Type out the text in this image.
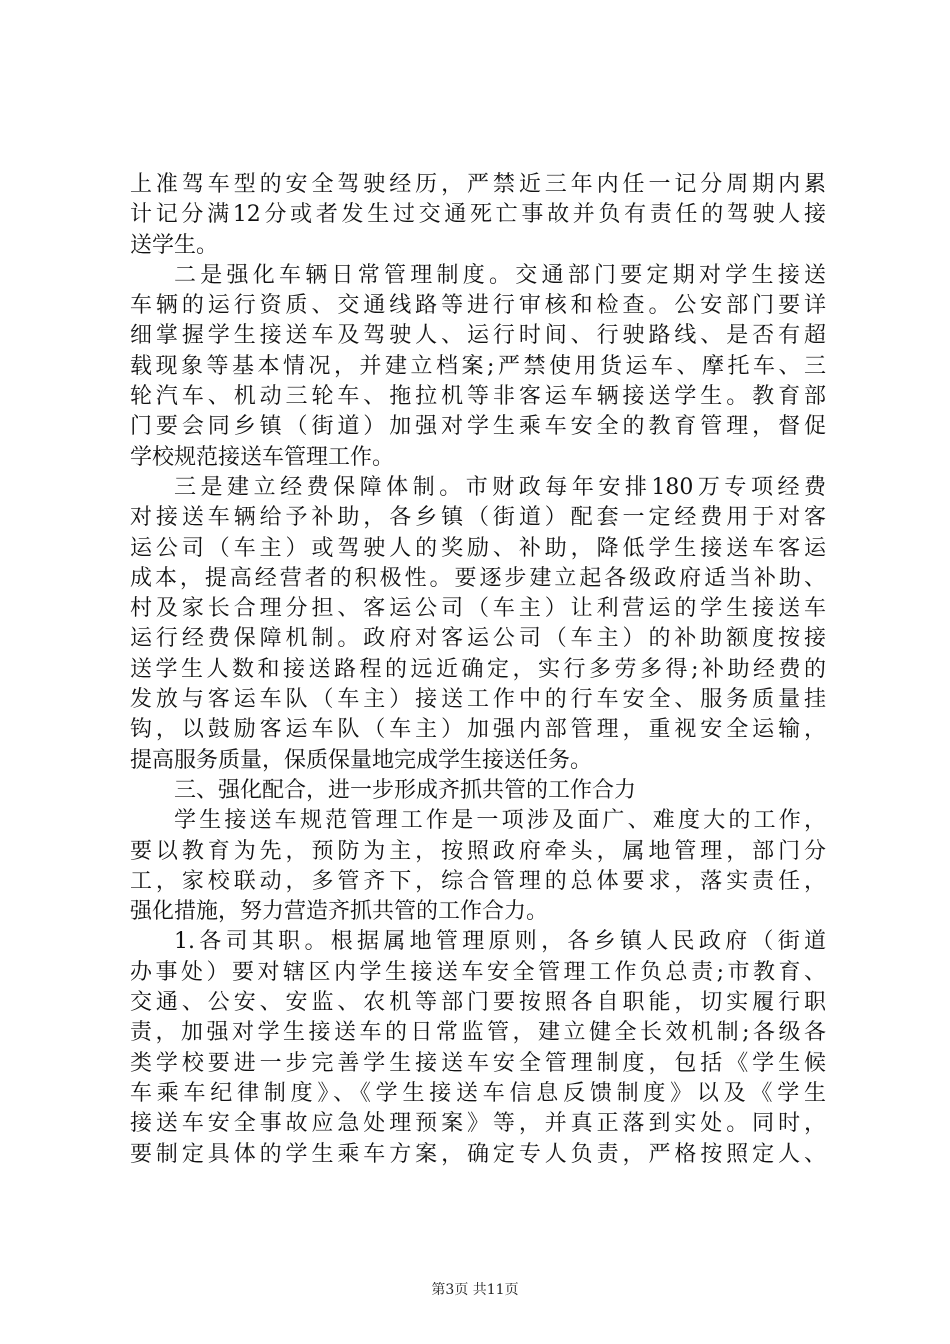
上准驾车型的安全驾驶经历，严禁近三年内任一记分周期内累
计记分满12分或者发生过交通死亡事故并负有责任的驾驶人接
送学生。
二是强化车辆日常管理制度。交通部门要定期对学生接送
车辆的运行资质、交通线路等进行审核和检查。公安部门要详
细掌握学生接送车及驾驶人、运行时间、行驶路线、是否有超
载现象等基本情况，并建立档案;严禁使用货运车、摩托车、三
轮汽车、机动三轮车、拖拉机等非客运车辆接送学生。教育部
门要会同乡镇（街道）加强对学生乘车安全的教育管理，督促
学校规范接送车管理工作。
三是建立经费保障体制。市财政每年安排180万专项经费
对接送车辆给予补助，各乡镇（街道）配套一定经费用于对客
运公司（车主）或驾驶人的奖励、补助，降低学生接送车客运
成本，提高经营者的积极性。要逐步建立起各级政府适当补助、
村及家长合理分担、客运公司（车主）让利营运的学生接送车
运行经费保障机制。政府对客运公司（车主）的补助额度按接
送学生人数和接送路程的远近确定，实行多劳多得;补助经费的
发放与客运车队（车主）接送工作中的行车安全、服务质量挂
钩，以鼓励客运车队（车主）加强内部管理，重视安全运输，
提高服务质量，保质保量地完成学生接送任务。
三、强化配合，进一步形成齐抓共管的工作合力
学生接送车规范管理工作是一项涉及面广、难度大的工作，
要以教育为先，预防为主，按照政府牵头，属地管理，部门分
工，家校联动，多管齐下，综合管理的总体要求，落实责任，
强化措施，努力营造齐抓共管的工作合力。
1.各司其职。根据属地管理原则，各乡镇人民政府（街道
办事处）要对辖区内学生接送车安全管理工作负总责;市教育、
交通、公安、安监、农机等部门要按照各自职能，切实履行职
责，加强对学生接送车的日常监管，建立健全长效机制;各级各
类学校要进一步完善学生接送车安全管理制度，包括《学生候
车乘车纪律制度》、《学生接送车信息反馈制度》以及《学生
接送车安全事故应急处理预案》等，并真正落到实处。同时，
要制定具体的学生乘车方案，确定专人负责，严格按照定人、
第3页 共11页
